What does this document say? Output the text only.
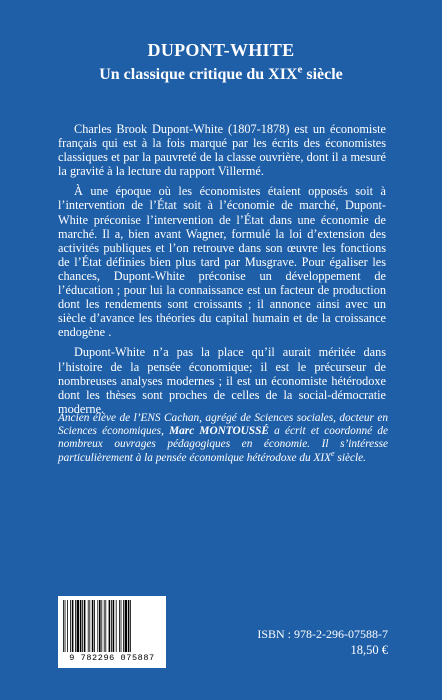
DUPONT-WHITE
Un classique critique du XIXe siècle

Charles Brook Dupont-White (1807-1878) est un économiste français qui est à la fois marqué par les écrits des économistes classiques et par la pauvreté de la classe ouvrière, dont il a mesuré la gravité à la lecture du rapport Villermé.

À une époque où les économistes étaient opposés soit à l’intervention de l’État soit à l’économie de marché, Dupont-White préconise l’intervention de l’État dans une économie de marché. Il a, bien avant Wagner, formulé la loi d’extension des activités publiques et l’on retrouve dans son œuvre les fonctions de l’État définies bien plus tard par Musgrave. Pour égaliser les chances, Dupont-White préconise un développement de l’éducation ; pour lui la connaissance est un facteur de production dont les rendements sont croissants ; il annonce ainsi avec un siècle d’avance les théories du capital humain et de la croissance endogène .

Dupont-White n’a pas la place qu’il aurait méritée dans l’histoire de la pensée économique; il est le précurseur de nombreuses analyses modernes ; il est un économiste hétérodoxe dont les thèses sont proches de celles de la social-démocratie moderne.

Ancien élève de l’ENS Cachan, agrégé de Sciences sociales, docteur en Sciences économiques, Marc MONTOUSSÉ a écrit et coordonné de nombreux ouvrages pédagogiques en économie. Il s’intéresse particulièrement à la pensée économique hétérodoxe du XIXe siècle.
9 782296 075887
ISBN : 978-2-296-07588-7
18,50 €
